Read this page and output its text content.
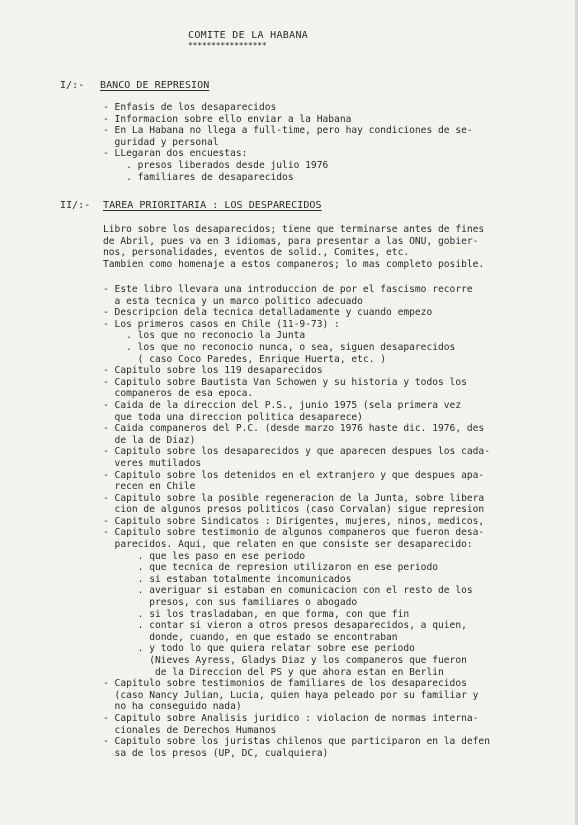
COMITE DE LA HABANA
*****************
I/:- BANCO DE REPRESION
- Enfasis de los desaparecidos
- Informacion sobre ello enviar a la Habana
- En La Habana no llega a full-time, pero hay condiciones de se-
guridad y personal
- LLegaran dos encuestas:
. presos liberados desde julio 1976
. familiares de desaparecidos
II/:- TAREA PRIORITARIA : LOS DESPARECIDOS
Libro sobre los desaparecidos; tiene que terminarse antes de fines
de Abril, pues va en 3 idiomas, para presentar a las ONU, gobier-
nos, personalidades, eventos de solid., Comites, etc.
Tambien como homenaje a estos companeros; lo mas completo posible.
- Este libro llevara una introduccion de por el fascismo recorre
a esta tecnica y un marco politico adecuado
- Descripcion dela tecnica detalladamente y cuando empezo
- Los primeros casos en Chile (11-9-73) :
. los que no reconocio la Junta
. los que no reconocio nunca, o sea, siguen desaparecidos
( caso Coco Paredes, Enrique Huerta, etc. )
- Capitulo sobre los 119 desaparecidos
- Capitulo sobre Bautista Van Schowen y su historia y todos los
companeros de esa epoca.
- Caida de la direccion del P.S., junio 1975 (sela primera vez
que toda una direccion politica desaparece)
- Caida companeros del P.C. (desde marzo 1976 haste dic. 1976, des
de la de Diaz)
- Capitulo sobre los desaparecidos y que aparecen despues los cada-
veres mutilados
- Capitulo sobre los detenidos en el extranjero y que despues apa-
recen en Chile
- Capitulo sobre la posible regeneracion de la Junta, sobre libera
cion de algunos presos politicos (caso Corvalan) sigue represion
- Capitulo sobre Sindicatos : Dirigentes, mujeres, ninos, medicos,
- Capitulo sobre testimonio de algunos companeros que fueron desa-
parecidos. Aqui, que relaten en que consiste ser desaparecido:
. que les paso en ese periodo
. que tecnica de represion utilizaron en ese periodo
. si estaban totalmente incomunicados
. averiguar si estaban en comunicacion con el resto de los
presos, con sus familiares o abogado
. si los trasladaban, en que forma, con que fin
. contar si vieron a otros presos desaparecidos, a quien,
donde, cuando, en que estado se encontraban
. y todo lo que quiera relatar sobre ese periodo
(Nieves Ayress, Gladys Diaz y los companeros que fueron
de la Direccion del PS y que ahora estan en Berlin
- Capitulo sobre testimonios de familiares de los desaparecidos
(caso Nancy Julian, Lucia, quien haya peleado por su familiar y
no ha conseguido nada)
- Capitulo sobre Analisis juridico : violacion de normas interna-
cionales de Derechos Humanos
- Capitulo sobre los juristas chilenos que participaron en la defen
sa de los presos (UP, DC, cualquiera)
